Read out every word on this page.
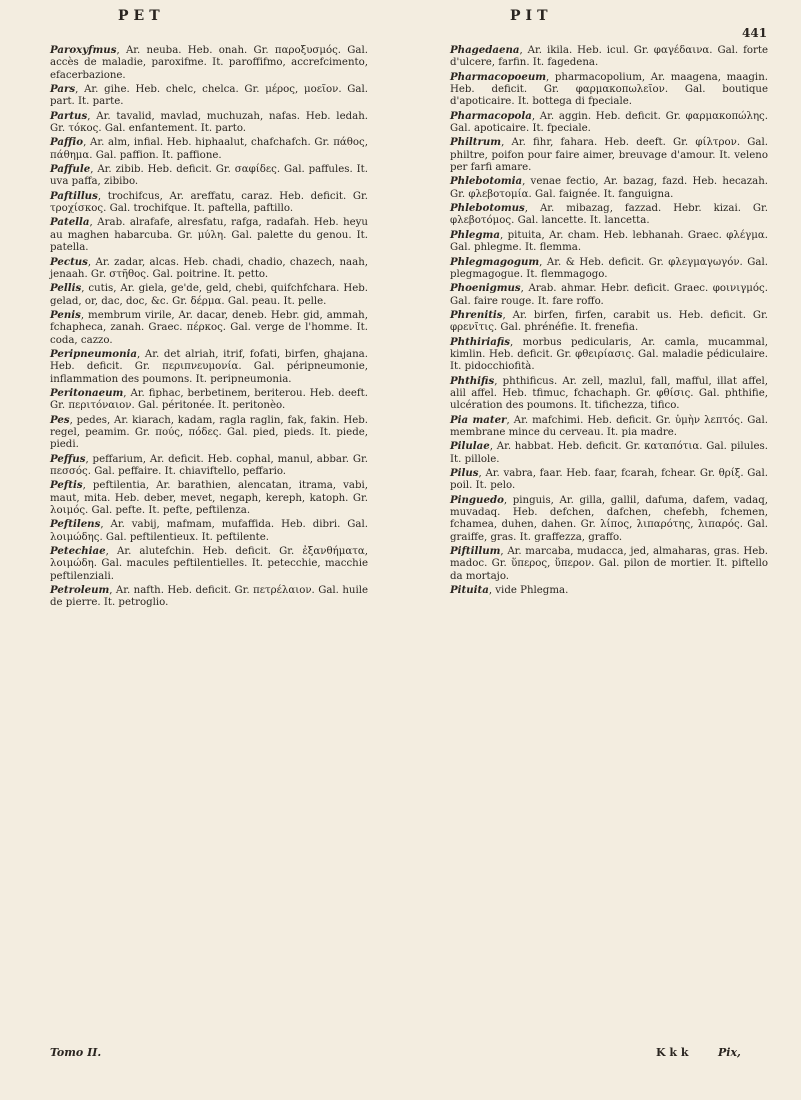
PET	PIT
441
Paroxyfmus, Ar. neuba. Heb. onah. Gr. παροξυσμός. Gal. accès de maladie, paroxifme. It. paroffifmo, accrefcimento, efacerbazione.
Pars, Ar. gihe. Heb. chelc, chelca. Gr. μέρος, μοεῖον. Gal. part. It. parte.
Partus, Ar. tavalid, mavlad, muchuzah, nafas. Heb. ledah. Gr. τόκος. Gal. enfantement. It. parto.
Paffio, Ar. alm, infial. Heb. hiphaalut, chafchafch. Gr. πάθος, πάθημα. Gal. paffion. It. paffione.
Paffule, Ar. zibib. Heb. deficit. Gr. σαφίδες. Gal. paffules. It. uva paffa, zibibo.
Paftillus, trochifcus, Ar. areffatu, caraz. Heb. deficit. Gr. τροχίσκος. Gal. trochifque. It. paftella, paftillo.
Patella, Arab. alrafafe, alresfatu, rafga, radafah. Heb. heyu au maghen habarcuba. Gr. μύλη. Gal. palette du genou. It. patella.
Pectus, Ar. zadar, alcas. Heb. chadi, chadio, chazech, naah, jenaah. Gr. στῆθος. Gal. poitrine. It. petto.
Pellis, cutis, Ar. giela, ge'de, geld, chebi, quifchfchara. Heb. gelad, or, dac, doc, &c. Gr. δέρμα. Gal. peau. It. pelle.
Penis, membrum virile, Ar. dacar, deneb. Hebr. gid, ammah, fchapheca, zanah. Graec. πέρκος. Gal. verge de l'homme. It. coda, cazzo.
Peripneumonia, Ar. det alriah, itrif, fofati, birfen, ghajana. Heb. deficit. Gr. περιπνευμονία. Gal. péripneumonie, inflammation des poumons. It. peripneumonia.
Peritonaeum, Ar. fiphac, berbetinem, beriterou. Heb. deeft. Gr. περιτόναιον. Gal. péritonée. It. peritonèo.
Pes, pedes, Ar. kiarach, kadam, ragla raglin, fak, fakin. Heb. regel, peamim. Gr. πούς, πόδες. Gal. pied, pieds. It. piede, piedi.
Peffus, peffarium, Ar. deficit. Heb. cophal, manul, abbar. Gr. πεσσός. Gal. peffaire. It. chiaviftello, peffario.
Peftis, peftilentia, Ar. barathien, alencatan, itrama, vabi, maut, mita. Heb. deber, mevet, negaph, kereph, katoph. Gr. λοιμός. Gal. pefte. It. pefte, peftilenza.
Peftilens, Ar. vabij, mafmam, mufaffida. Heb. dibri. Gal. λοιμώδης. Gal. peftilentieux. It. peftilente.
Petechiae, Ar. alutefchin. Heb. deficit. Gr. ἐξανθήματα, λοιμώδη. Gal. macules peftilentielles. It. petecchie, macchie peftilenziali.
Petroleum, Ar. nafth. Heb. deficit. Gr. πετρέλαιον. Gal. huile de pierre. It. petroglio.
Phagedaena, Ar. ikila. Heb. icul. Gr. φαγέδαινα. Gal. forte d'ulcere, farfin. It. fagedena.
Pharmacopoeum, pharmacopolium, Ar. maagena, maagin. Heb. deficit. Gr. φαρμακοπωλεῖον. Gal. boutique d'apoticaire. It. bottega di fpeciale.
Pharmacopola, Ar. aggin. Heb. deficit. Gr. φαρμακοπώλης. Gal. apoticaire. It. fpeciale.
Philtrum, Ar. fihr, fahara. Heb. deeft. Gr. φίλτρον. Gal. philtre, poifon pour faire aimer, breuvage d'amour. It. veleno per farfi amare.
Phlebotomia, venae fectio, Ar. bazag, fazd. Heb. hecazah. Gr. φλεβοτομία. Gal. faignée. It. fanguigna.
Phlebotomus, Ar. mibazag, fazzad. Hebr. kizai. Gr. φλεβοτόμος. Gal. lancette. It. lancetta.
Phlegma, pituita, Ar. cham. Heb. lebhanah. Graec. φλέγμα. Gal. phlegme. It. flemma.
Phlegmagogum, Ar. & Heb. deficit. Gr. φλεγμαγωγόν. Gal. plegmagogue. It. flemmagogo.
Phoenigmus, Arab. ahmar. Hebr. deficit. Graec. φοινιγμός. Gal. faire rouge. It. fare roffo.
Phrenitis, Ar. birfen, firfen, carabit us. Heb. deficit. Gr. φρενῖτις. Gal. phrénéfie. It. frenefia.
Phthiriafis, morbus pedicularis, Ar. camla, mucammal, kimlin. Heb. deficit. Gr. φθειρίασις. Gal. maladie pédiculaire. It. pidocchiofità.
Phthifis, phthificus. Ar. zell, mazlul, fall, mafful, illat affel, alil affel. Heb. tfimuc, fchachaph. Gr. φθίσις. Gal. phthifie, ulcération des poumons. It. tifichezza, tifico.
Pia mater, Ar. mafchimi. Heb. deficit. Gr. ὑμὴν λεπτός. Gal. membrane mince du cerveau. It. pia madre.
Pilulae, Ar. habbat. Heb. deficit. Gr. καταπότια. Gal. pilules. It. pillole.
Pilus, Ar. vabra, faar. Heb. faar, fcarah, fchear. Gr. θρίξ. Gal. poil. It. pelo.
Pinguedo, pinguis, Ar. gilla, gallil, dafuma, dafem, vadaq, muvadaq. Heb. defchen, dafchen, chefebh, fchemen, fchamea, duhen, dahen. Gr. λίπος, λιπαρότης, λιπαρός. Gal. graiffe, gras. It. graffezza, graffo.
Piftillum, Ar. marcaba, mudacca, jed, almaharas, gras. Heb. madoc. Gr. ὕπερος, ὕπερον. Gal. pilon de mortier. It. piftello da mortajo.
Pituita, vide Phlegma.
Tomo II.	K k k	Pix,
